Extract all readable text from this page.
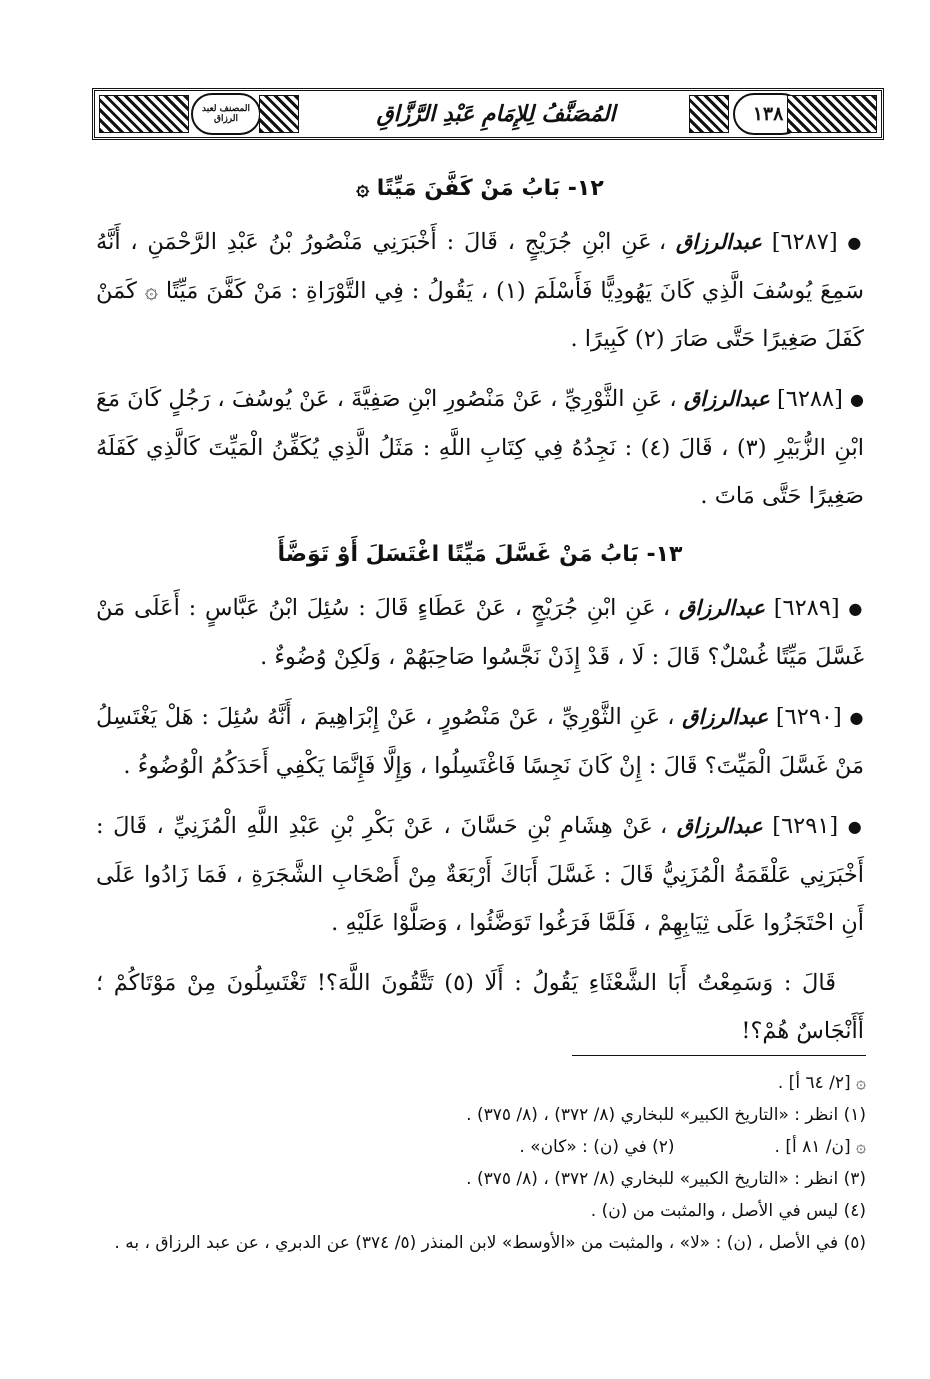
المصنف لعبد الرزاق	المُصَنَّفُ لِلإِمَامِ عَبْدِ الرَّزَّاقِ	١٣٨
١٢- بَابُ مَنْ كَفَّنَ مَيِّتًا ۞

● [٦٢٨٧] عبدالرزاق ، عَنِ ابْنِ جُرَيْجٍ ، قَالَ : أَخْبَرَنِي مَنْصُورُ بْنُ عَبْدِ الرَّحْمَنِ ، أَنَّهُ سَمِعَ يُوسُفَ الَّذِي كَانَ يَهُودِيًّا فَأَسْلَمَ (١) ، يَقُولُ : فِي التَّوْرَاةِ : مَنْ كَفَّنَ مَيِّتًا ۞ كَمَنْ كَفَلَ صَغِيرًا حَتَّى صَارَ (٢) كَبِيرًا .

● [٦٢٨٨] عبدالرزاق ، عَنِ الثَّوْرِيِّ ، عَنْ مَنْصُورِ ابْنِ صَفِيَّةَ ، عَنْ يُوسُفَ ، رَجُلٍ كَانَ مَعَ ابْنِ الزُّبَيْرِ (٣) ، قَالَ (٤) : نَجِدُهُ فِي كِتَابِ اللَّهِ : مَثَلُ الَّذِي يُكَفِّنُ الْمَيِّتَ كَالَّذِي كَفَلَهُ صَغِيرًا حَتَّى مَاتَ .

١٣- بَابُ مَنْ غَسَّلَ مَيِّتًا اغْتَسَلَ أَوْ تَوَضَّأَ

● [٦٢٨٩] عبدالرزاق ، عَنِ ابْنِ جُرَيْجٍ ، عَنْ عَطَاءٍ قَالَ : سُئِلَ ابْنُ عَبَّاسٍ : أَعَلَى مَنْ غَسَّلَ مَيِّتًا غُسْلٌ؟ قَالَ : لَا ، قَدْ إِذَنْ نَجَّسُوا صَاحِبَهُمْ ، وَلَكِنْ وُضُوءٌ .

● [٦٢٩٠] عبدالرزاق ، عَنِ الثَّوْرِيِّ ، عَنْ مَنْصُورٍ ، عَنْ إِبْرَاهِيمَ ، أَنَّهُ سُئِلَ : هَلْ يَغْتَسِلُ مَنْ غَسَّلَ الْمَيِّتَ؟ قَالَ : إِنْ كَانَ نَجِسًا فَاغْتَسِلُوا ، وَإِلَّا فَإِنَّمَا يَكْفِي أَحَدَكُمُ الْوُضُوءُ .

● [٦٢٩١] عبدالرزاق ، عَنْ هِشَامِ بْنِ حَسَّانَ ، عَنْ بَكْرِ بْنِ عَبْدِ اللَّهِ الْمُزَنِيِّ ، قَالَ : أَخْبَرَنِي عَلْقَمَةُ الْمُزَنِيُّ قَالَ : غَسَّلَ أَبَاكَ أَرْبَعَةٌ مِنْ أَصْحَابِ الشَّجَرَةِ ، فَمَا زَادُوا عَلَى أَنِ احْتَجَزُوا عَلَى ثِيَابِهِمْ ، فَلَمَّا فَرَغُوا تَوَضَّئُوا ، وَصَلَّوْا عَلَيْهِ .

قَالَ : وَسَمِعْتُ أَبَا الشَّعْثَاءِ يَقُولُ : أَلَا (٥) تَتَّقُونَ اللَّهَ؟! تَغْتَسِلُونَ مِنْ مَوْتَاكُمْ ؛ أَأَنْجَاسٌ هُمْ؟!

۞ [٢/ ٦٤ أ] .

(١) انظر : «التاريخ الكبير» للبخاري (٨/ ٣٧٢) ، (٨/ ٣٧٥) .

۞ [ن/ ٨١ أ] .

(٢) في (ن) : «كان» .

(٣) انظر : «التاريخ الكبير» للبخاري (٨/ ٣٧٢) ، (٨/ ٣٧٥) .

(٤) ليس في الأصل ، والمثبت من (ن) .

(٥) في الأصل ، (ن) : «لا» ، والمثبت من «الأوسط» لابن المنذر (٥/ ٣٧٤) عن الدبري ، عن عبد الرزاق ، به .
